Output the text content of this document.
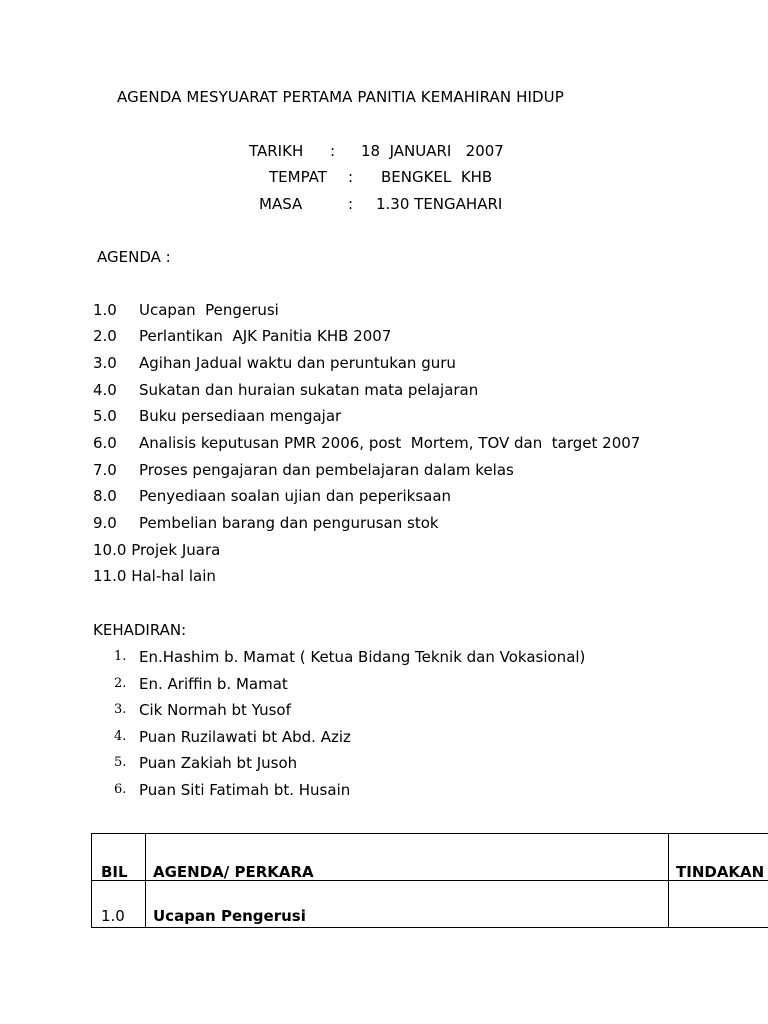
AGENDA MESYUARAT PERTAMA PANITIA KEMAHIRAN HIDUP
TARIKH : 18  JANUARI   2007
TEMPAT : BENGKEL  KHB
MASA	: 1.30 TENGAHARI
AGENDA :
1.0 Ucapan  Pengerusi
2.0 Perlantikan  AJK Panitia KHB 2007
3.0 Agihan Jadual waktu dan peruntukan guru
4.0 Sukatan dan huraian sukatan mata pelajaran
5.0 Buku persediaan mengajar
6.0 Analisis keputusan PMR 2006, post  Mortem, TOV dan  target 2007
7.0 Proses pengajaran dan pembelajaran dalam kelas
8.0 Penyediaan soalan ujian dan peperiksaan
9.0 Pembelian barang dan pengurusan stok
10.0 Projek Juara
11.0 Hal-hal lain
KEHADIRAN:
1. En.Hashim b. Mamat ( Ketua Bidang Teknik dan Vokasional)
2. En. Ariffin b. Mamat
3. Cik Normah bt Yusof
4. Puan Ruzilawati bt Abd. Aziz
5. Puan Zakiah bt Jusoh
6. Puan Siti Fatimah bt. Husain
BIL AGENDA/ PERKARA	TINDAKAN
1.0 Ucapan Pengerusi
